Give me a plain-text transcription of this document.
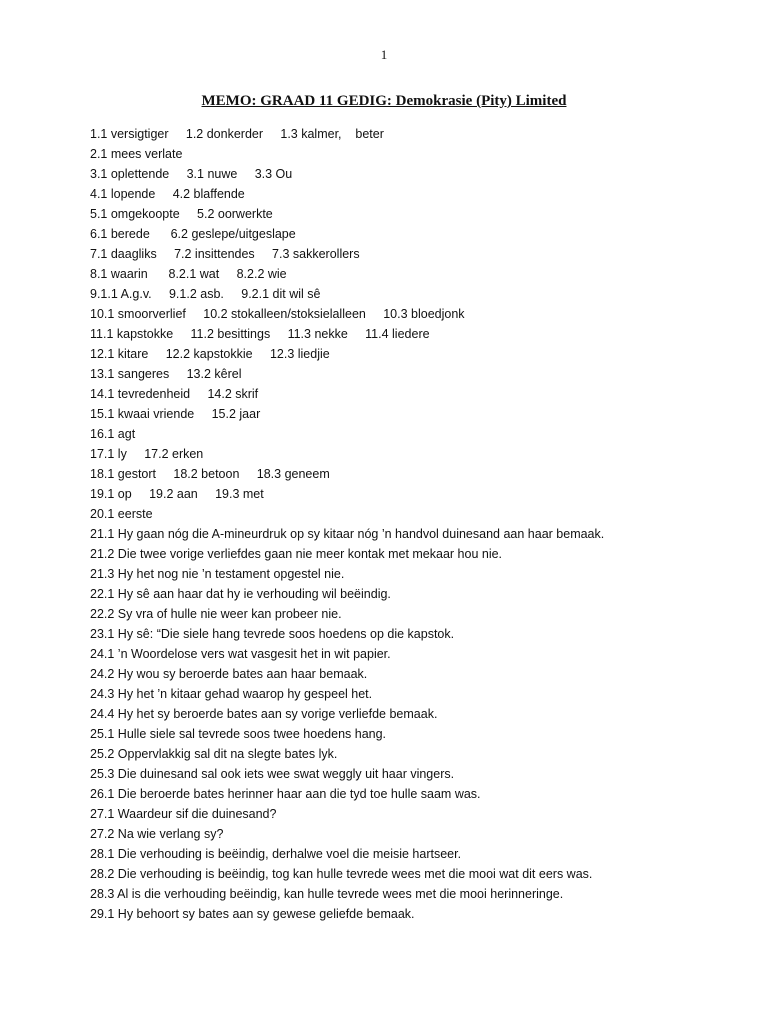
1
MEMO: GRAAD 11 GEDIG: Demokrasie (Pity) Limited
1.1 versigtiger     1.2 donkerder     1.3 kalmer,    beter
2.1 mees verlate
3.1 oplettende     3.1 nuwe     3.3 Ou
4.1 lopende     4.2 blaffende
5.1 omgekoopte     5.2 oorwerkte
6.1 berede      6.2 geslepe/uitgeslape
7.1 daagliks     7.2 insittendes     7.3 sakkerollers
8.1 waarin      8.2.1 wat     8.2.2 wie
9.1.1 A.g.v.     9.1.2 asb.     9.2.1 dit wil sê
10.1 smoorverlief     10.2 stokalleen/stoksielalleen     10.3 bloedjonk
11.1 kapstokke     11.2 besittings     11.3 nekke     11.4 liedere
12.1 kitare     12.2 kapstokkie     12.3 liedjie
13.1 sangeres     13.2 kêrel
14.1 tevredenheid     14.2 skrif
15.1 kwaai vriende     15.2 jaar
16.1 agt
17.1 ly     17.2 erken
18.1 gestort     18.2 betoon     18.3 geneem
19.1 op     19.2 aan     19.3 met
20.1 eerste
21.1 Hy gaan nóg die A-mineurdruk op sy kitaar nóg ’n handvol duinesand aan haar bemaak.
21.2 Die twee vorige verliefdes gaan nie meer kontak met mekaar hou nie.
21.3 Hy het nog nie ’n testament opgestel nie.
22.1 Hy sê aan haar dat hy ie verhouding wil beëindig.
22.2 Sy vra of hulle nie weer kan probeer nie.
23.1 Hy sê: “Die siele hang tevrede soos hoedens op die kapstok.
24.1 ’n Woordelose vers wat vasgesit het in wit papier.
24.2 Hy wou sy beroerde bates aan haar bemaak.
24.3 Hy het ’n kitaar gehad waarop hy gespeel het.
24.4 Hy het sy beroerde bates aan sy vorige verliefde bemaak.
25.1 Hulle siele sal tevrede soos twee hoedens hang.
25.2 Oppervlakkig sal dit na slegte bates lyk.
25.3 Die duinesand sal ook iets wee swat weggly uit haar vingers.
26.1 Die beroerde bates herinner haar aan die tyd toe hulle saam was.
27.1 Waardeur sif die duinesand?
27.2 Na wie verlang sy?
28.1 Die verhouding is beëindig, derhalwe voel die meisie hartseer.
28.2 Die verhouding is beëindig, tog kan hulle tevrede wees met die mooi wat dit eers was.
28.3 Al is die verhouding beëindig, kan hulle tevrede wees met die mooi herinneringe.
29.1 Hy behoort sy bates aan sy gewese geliefde bemaak.
